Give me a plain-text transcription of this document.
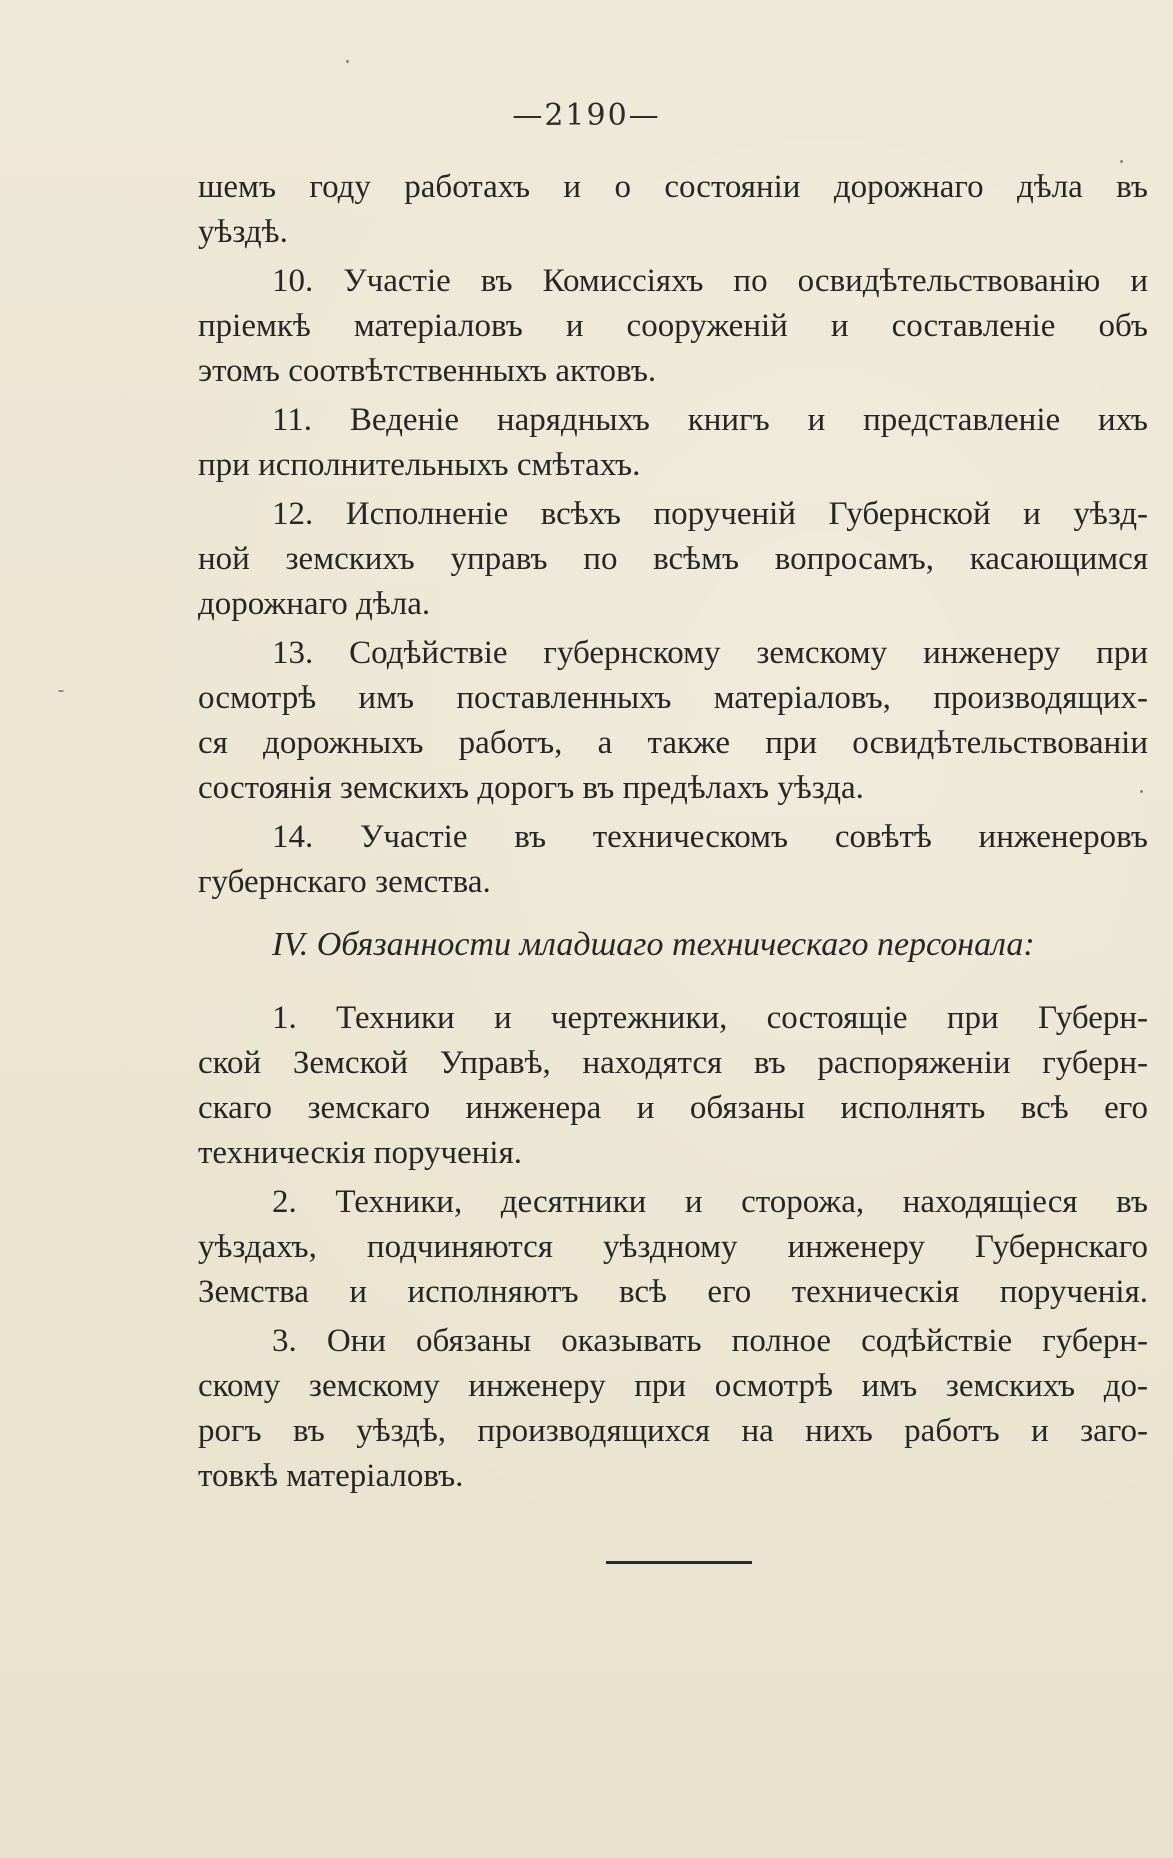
—2190—
шемъ году работахъ и о состояніи дорожнаго дѣла въ
уѣздѣ.
10. Участіе въ Комиссіяхъ по освидѣтельствованію и
пріемкѣ матеріаловъ и сооруженій и составленіе объ
этомъ соотвѣтственныхъ актовъ.
11. Веденіе нарядныхъ книгъ и представленіе ихъ
при исполнительныхъ смѣтахъ.
12. Исполненіе всѣхъ порученій Губернской и уѣзд-
ной земскихъ управъ по всѣмъ вопросамъ, касающимся
дорожнаго дѣла.
13. Содѣйствіе губернскому земскому инженеру при
осмотрѣ имъ поставленныхъ матеріаловъ, производящих-
ся дорожныхъ работъ, а также при освидѣтельствованіи
состоянія земскихъ дорогъ въ предѣлахъ уѣзда.
14. Участіе въ техническомъ совѣтѣ инженеровъ
губернскаго земства.
IV. Обязанности младшаго техническаго персонала:
1. Техники и чертежники, состоящіе при Губерн-
ской Земской Управѣ, находятся въ распоряженіи губерн-
скаго земскаго инженера и обязаны исполнять всѣ его
техническія порученія.
2. Техники, десятники и сторожа, находящіеся въ
уѣздахъ, подчиняются уѣздному инженеру Губернскаго
Земства и исполняютъ всѣ его техническія порученія.
3. Они обязаны оказывать полное содѣйствіе губерн-
скому земскому инженеру при осмотрѣ имъ земскихъ до-
рогъ въ уѣздѣ, производящихся на нихъ работъ и заго-
товкѣ матеріаловъ.
